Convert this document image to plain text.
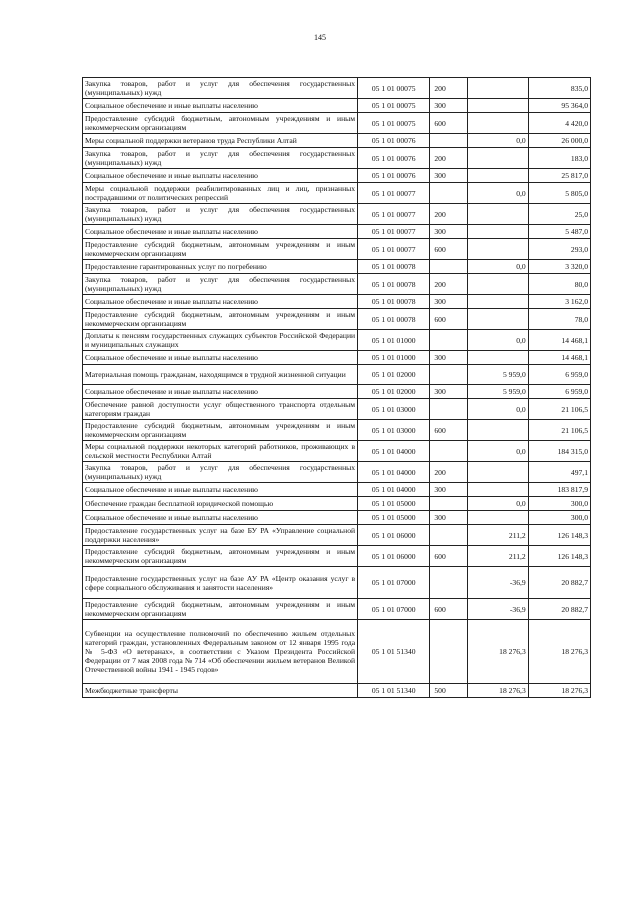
145
Закупка товаров, работ и услуг для обеспечения государственных (муниципальных) нужд	05 1 01 00075	200		835,0
Социальное обеспечение и иные выплаты населению	05 1 01 00075	300		95 364,0
Предоставление субсидий бюджетным, автономным учреждениям и иным некоммерческим организациям	05 1 01 00075	600		4 420,0
Меры социальной поддержки ветеранов труда Республики Алтай	05 1 01 00076		0,0	26 000,0
Закупка товаров, работ и услуг для обеспечения государственных (муниципальных) нужд	05 1 01 00076	200		183,0
Социальное обеспечение и иные выплаты населению	05 1 01 00076	300		25 817,0
Меры социальной поддержки реабилитированных лиц и лиц, признанных пострадавшими от политических репрессий	05 1 01 00077		0,0	5 805,0
Закупка товаров, работ и услуг для обеспечения государственных (муниципальных) нужд	05 1 01 00077	200		25,0
Социальное обеспечение и иные выплаты населению	05 1 01 00077	300		5 487,0
Предоставление субсидий бюджетным, автономным учреждениям и иным некоммерческим организациям	05 1 01 00077	600		293,0
Предоставление гарантированных услуг по погребению	05 1 01 00078		0,0	3 320,0
Закупка товаров, работ и услуг для обеспечения государственных (муниципальных) нужд	05 1 01 00078	200		80,0
Социальное обеспечение и иные выплаты населению	05 1 01 00078	300		3 162,0
Предоставление субсидий бюджетным, автономным учреждениям и иным некоммерческим организациям	05 1 01 00078	600		78,0
Доплаты к пенсиям государственных служащих субъектов Российской Федерации и муниципальных служащих	05 1 01 01000		0,0	14 468,1
Социальное обеспечение и иные выплаты населению	05 1 01 01000	300		14 468,1
Материальная помощь гражданам, находящимся в трудной жизненной ситуации	05 1 01 02000		5 959,0	6 959,0
Социальное обеспечение и иные выплаты населению	05 1 01 02000	300	5 959,0	6 959,0
Обеспечение равной доступности услуг общественного транспорта отдельным категориям граждан	05 1 01 03000		0,0	21 106,5
Предоставление субсидий бюджетным, автономным учреждениям и иным некоммерческим организациям	05 1 01 03000	600		21 106,5
Меры социальной поддержки некоторых категорий работников, проживающих в сельской местности Республики Алтай	05 1 01 04000		0,0	184 315,0
Закупка товаров, работ и услуг для обеспечения государственных (муниципальных) нужд	05 1 01 04000	200		497,1
Социальное обеспечение и иные выплаты населению	05 1 01 04000	300		183 817,9
Обеспечение граждан бесплатной юридической помощью	05 1 01 05000		0,0	300,0
Социальное обеспечение и иные выплаты населению	05 1 01 05000	300		300,0
Предоставление государственных услуг на базе БУ РА «Управление социальной поддержки населения»	05 1 01 06000		211,2	126 148,3
Предоставление субсидий бюджетным, автономным учреждениям и иным некоммерческим организациям	05 1 01 06000	600	211,2	126 148,3
Предоставление государственных услуг на базе АУ РА «Центр оказания услуг в сфере социального обслуживания и занятости населения»	05 1 01 07000		-36,9	20 882,7
Предоставление субсидий бюджетным, автономным учреждениям и иным некоммерческим организациям	05 1 01 07000	600	-36,9	20 882,7
Субвенции на осуществление полномочий по обеспечению жильем отдельных категорий граждан, установленных Федеральным законом от 12 января 1995 года № 5-ФЗ «О ветеранах», в соответствии с Указом Президента Российской Федерации от 7 мая 2008 года № 714 «Об обеспечении жильем ветеранов Великой Отечественной войны 1941 - 1945 годов»	05 1 01 51340		18 276,3	18 276,3
Межбюджетные трансферты	05 1 01 51340	500	18 276,3	18 276,3
